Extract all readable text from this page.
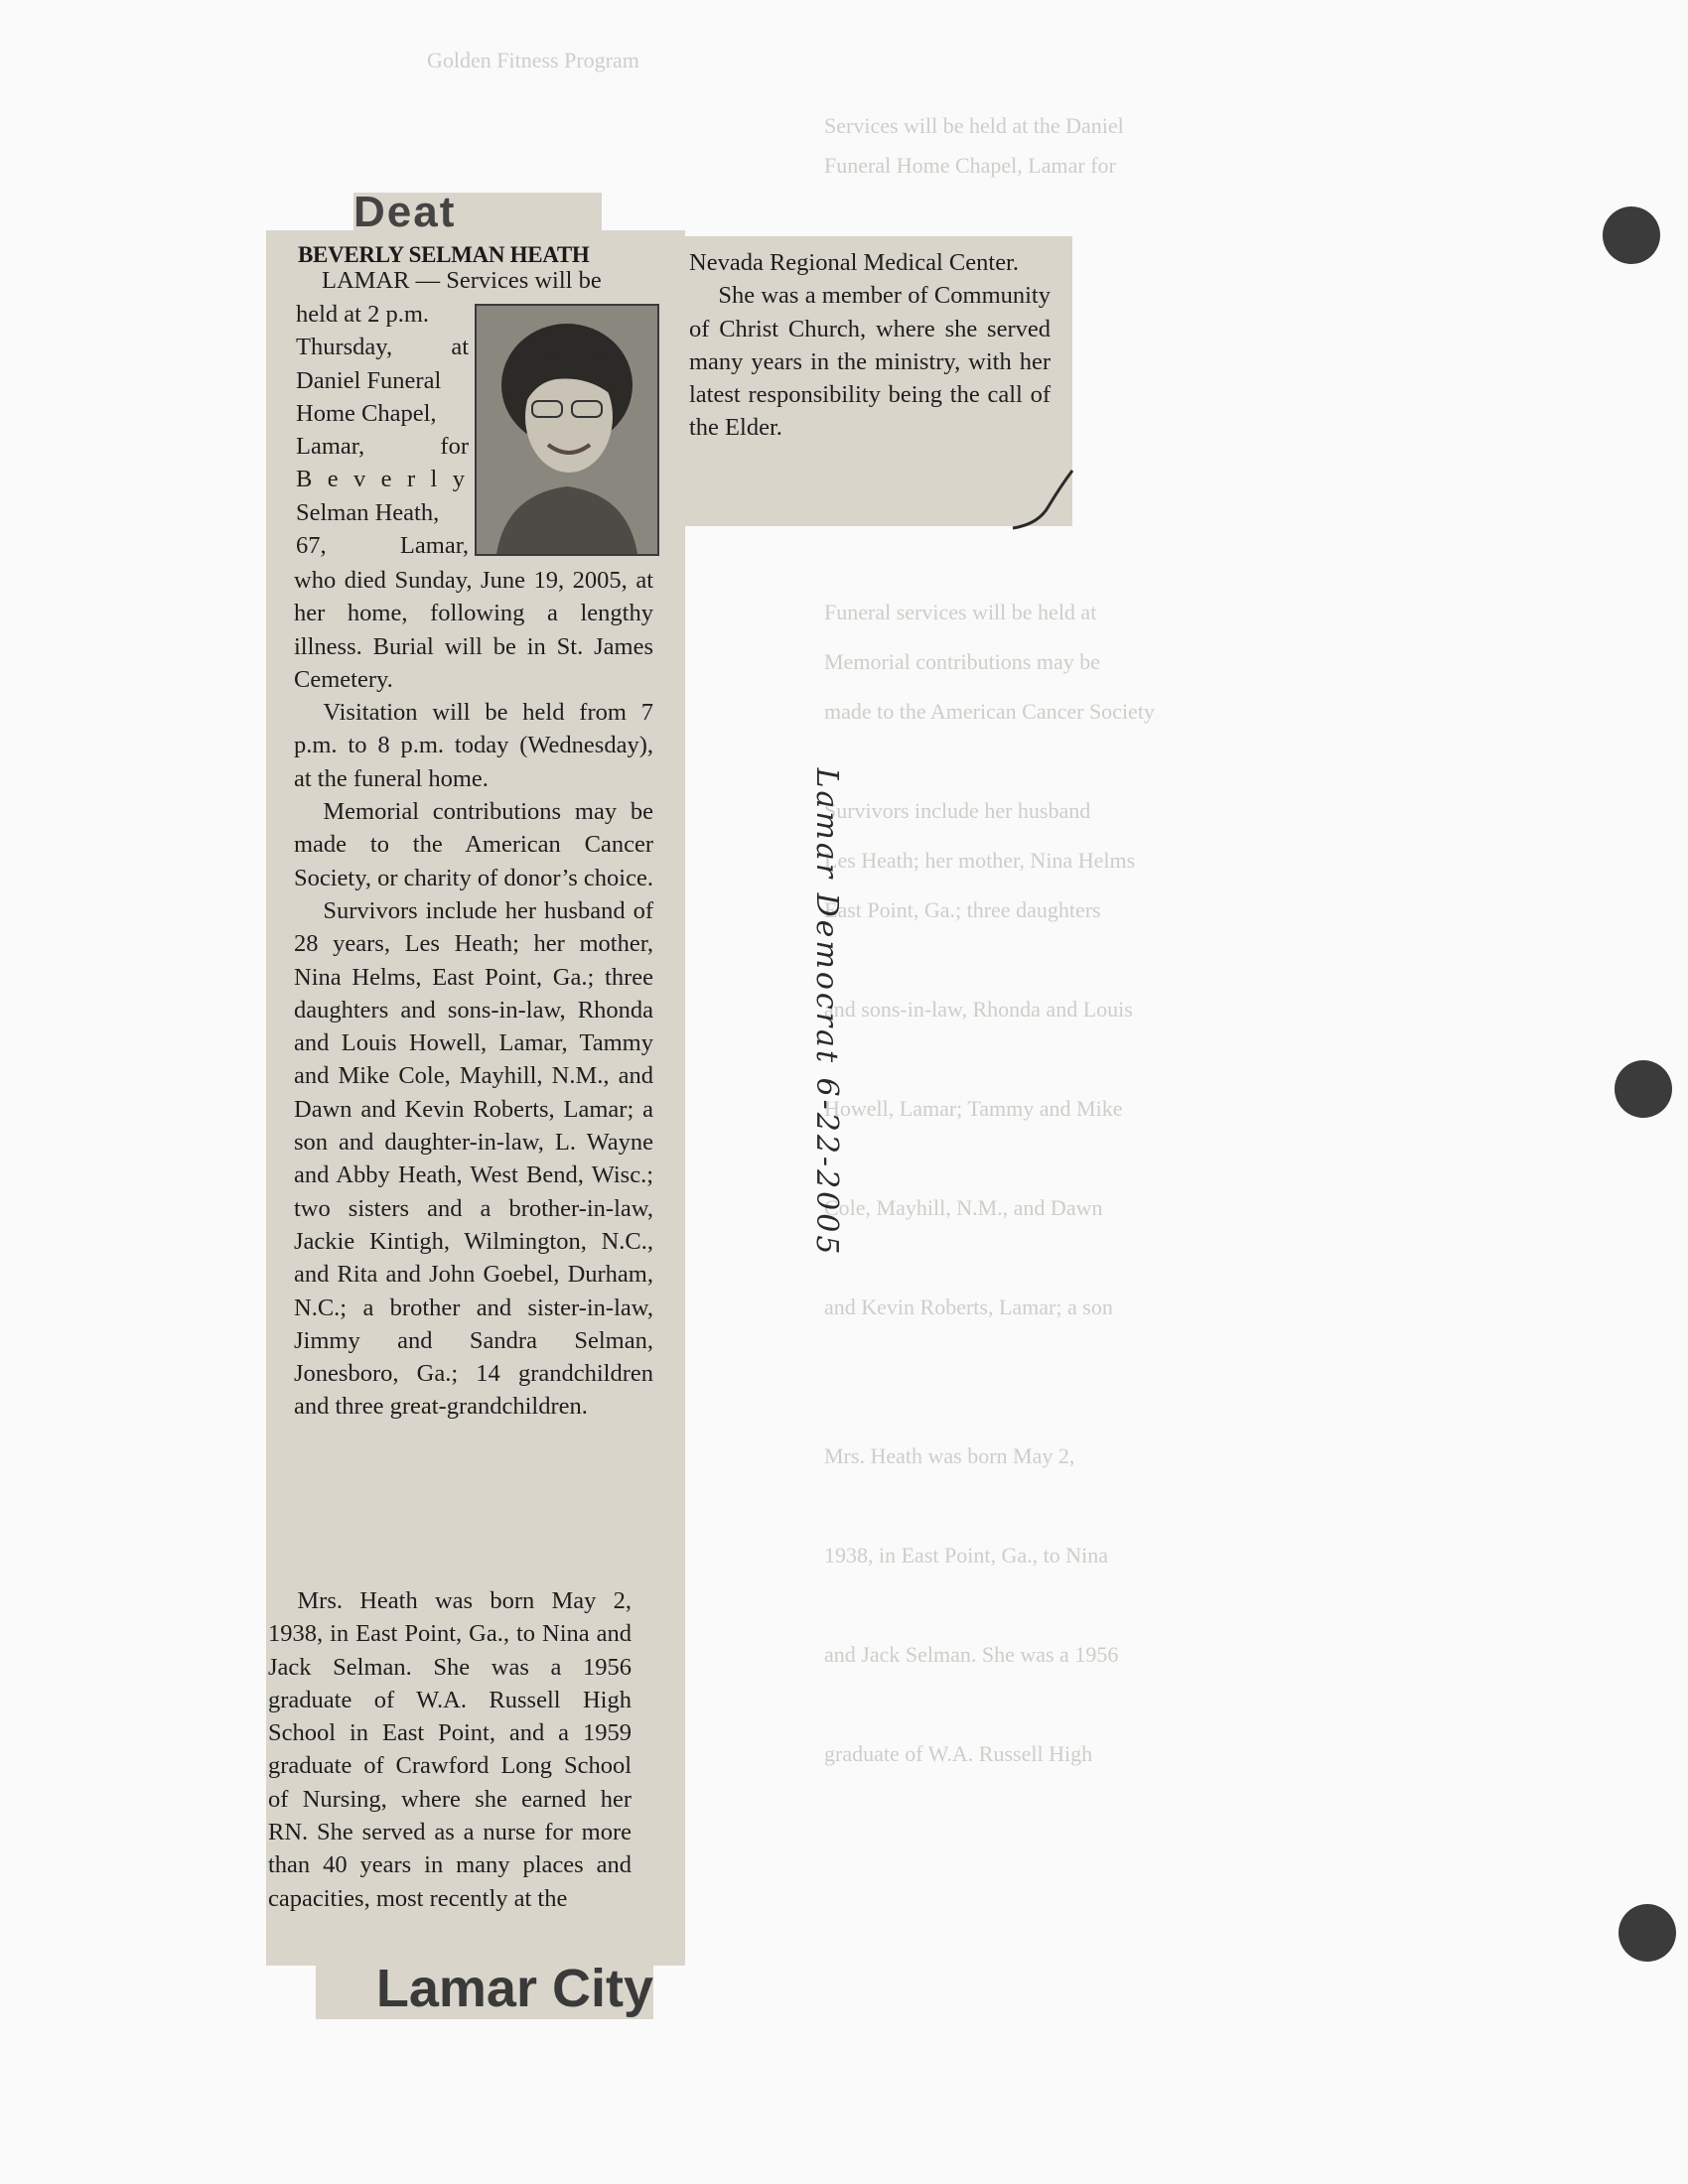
Golden Fitness Program
Services will be held at the Daniel
Funeral Home Chapel, Lamar for
Funeral services will be held at
Memorial contributions may be
made to the American Cancer Society
Survivors include her husband
Les Heath; her mother, Nina Helms
East Point, Ga.; three daughters
and sons-in-law, Rhonda and Louis
Howell, Lamar; Tammy and Mike
Cole, Mayhill, N.M., and Dawn
and Kevin Roberts, Lamar; a son
Mrs. Heath was born May 2,
1938, in East Point, Ga., to Nina
and Jack Selman. She was a 1956
graduate of W.A. Russell High
Deat
Lamar City
BEVERLY SELMAN HEATH
LAMAR — Services will be

held at 2 p.m.

Thursday, at

Daniel Funeral

Home Chapel,

Lamar, for

B e v e r l y

Selman Heath,

67, Lamar,

who died Sunday, June 19, 2005, at her home, following a lengthy illness. Burial will be in St. James Cemetery.

Visitation will be held from 7 p.m. to 8 p.m. today (Wednesday), at the funeral home.

Memorial contributions may be made to the American Cancer Society, or charity of donor’s choice.

Survivors include her husband of 28 years, Les Heath; her mother, Nina Helms, East Point, Ga.; three daughters and sons-in-law, Rhonda and Louis Howell, Lamar, Tammy and Mike Cole, Mayhill, N.M., and Dawn and Kevin Roberts, Lamar; a son and daughter-in-law, L. Wayne and Abby Heath, West Bend, Wisc.; two sisters and a brother-in-law, Jackie Kintigh, Wilmington, N.C., and Rita and John Goebel, Durham, N.C.; a brother and sister-in-law, Jimmy and Sandra Selman, Jonesboro, Ga.; 14 grandchildren and three great-grandchildren.

Mrs. Heath was born May 2, 1938, in East Point, Ga., to Nina and Jack Selman. She was a 1956 graduate of W.A. Russell High School in East Point, and a 1959 graduate of Crawford Long School of Nursing, where she earned her RN. She served as a nurse for more than 40 years in many places and capacities, most recently at the

Nevada Regional Medical Center.

She was a member of Community of Christ Church, where she served many years in the ministry, with her latest responsibility being the call of the Elder.

Lamar Democrat 6-22-2005
